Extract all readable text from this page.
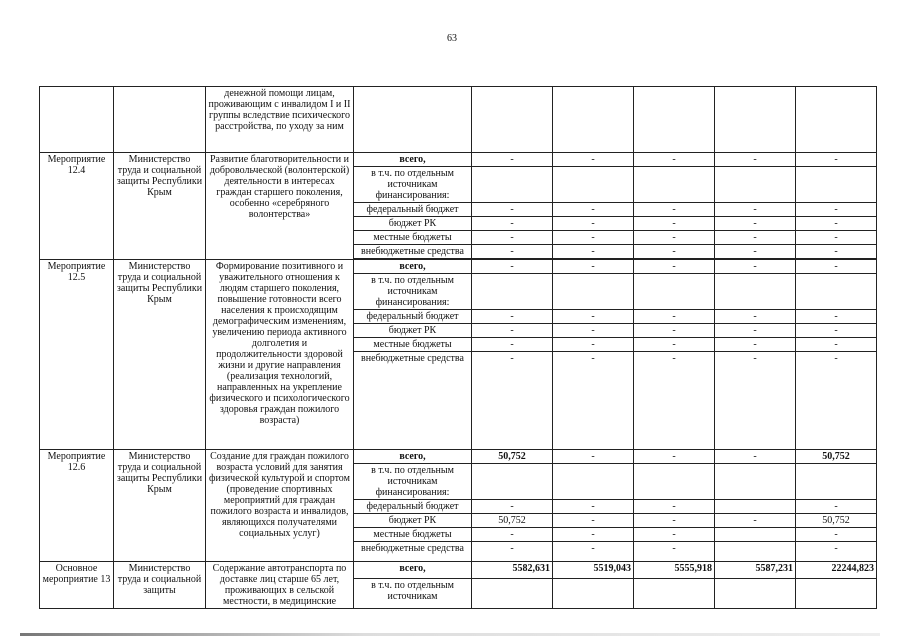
63
		денежной помощи лицам, проживающим с инвалидом I и II группы вследствие психического расстройства, по уходу за ним						
Мероприятие 12.4	Министерство труда и социальной защиты Республики Крым	Развитие благотворительности и добровольческой (волонтерской) деятельности в интересах граждан старшего поколения, особенно «серебряного волонтерства»	всего,	-	-	-	-	-
			в т.ч. по отдельным источникам финансирования:					
			федеральный бюджет	-	-	-	-	-
			бюджет РК	-	-	-	-	-
			местные бюджеты	-	-	-	-	-
			внебюджетные средства	-	-	-	-	-

Мероприятие 12.5	Министерство труда и социальной защиты Республики Крым	Формирование позитивного и уважительного отношения к людям старшего поколения, повышение готовности всего населения к происходящим демографическим изменениям, увеличению периода активного долголетия и продолжительности здоровой жизни и другие направления (реализация технологий, направленных на укрепление физического и психологического здоровья граждан пожилого возраста)	всего,	-	-	-	-	-
			в т.ч. по отдельным источникам финансирования:					
			федеральный бюджет	-	-	-	-	-
			бюджет РК	-	-	-	-	-
			местные бюджеты	-	-	-	-	-
			внебюджетные средства	-	-	-	-	-
Мероприятие 12.6	Министерство труда и социальной защиты Республики Крым	Создание для граждан пожилого возраста условий для занятия физической культурой и спортом (проведение спортивных мероприятий для граждан пожилого возраста и инвалидов, являющихся получателями социальных услуг)	всего,	50,752	-	-	-	50,752
			в т.ч. по отдельным источникам финансирования:					
			федеральный бюджет	-	-	-		-
			бюджет РК	50,752	-	-	-	50,752
			местные бюджеты	-	-	-		-
			внебюджетные средства	-	-	-		-
Основное мероприятие 13	Министерство труда и социальной защиты	Содержание автотранспорта по доставке лиц старше 65 лет, проживающих в сельской местности, в медицинские	всего,	5582,631	5519,043	5555,918	5587,231	22244,823
			в т.ч. по отдельным источникам					
